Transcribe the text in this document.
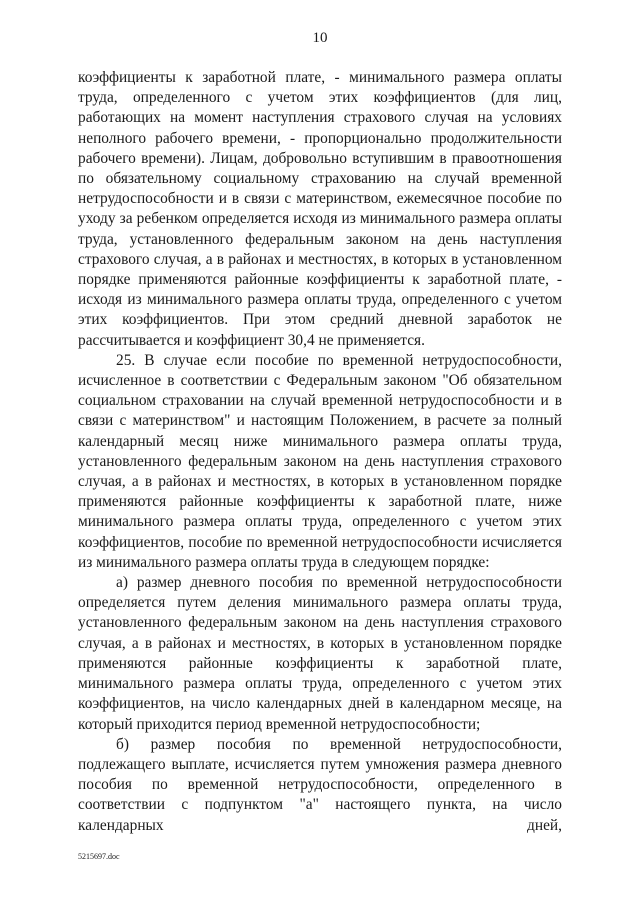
10

коэффициенты к заработной плате, - минимального размера оплаты труда, определенного с учетом этих коэффициентов (для лиц, работающих на момент наступления страхового случая на условиях неполного рабочего времени, - пропорционально продолжительности рабочего времени). Лицам, добровольно вступившим в правоотношения по обязательному социальному страхованию на случай временной нетрудоспособности и в связи с материнством, ежемесячное пособие по уходу за ребенком определяется исходя из минимального размера оплаты труда, установленного федеральным законом на день наступления страхового случая, а в районах и местностях, в которых в установленном порядке применяются районные коэффициенты к заработной плате, - исходя из минимального размера оплаты труда, определенного с учетом этих коэффициентов. При этом средний дневной заработок не рассчитывается и коэффициент 30,4 не применяется.

25. В случае если пособие по временной нетрудоспособности, исчисленное в соответствии с Федеральным законом "Об обязательном социальном страховании на случай временной нетрудоспособности и в связи с материнством" и настоящим Положением, в расчете за полный календарный месяц ниже минимального размера оплаты труда, установленного федеральным законом на день наступления страхового случая, а в районах и местностях, в которых в установленном порядке применяются районные коэффициенты к заработной плате, ниже минимального размера оплаты труда, определенного с учетом этих коэффициентов, пособие по временной нетрудоспособности исчисляется из минимального размера оплаты труда в следующем порядке:

а) размер дневного пособия по временной нетрудоспособности определяется путем деления минимального размера оплаты труда, установленного федеральным законом на день наступления страхового случая, а в районах и местностях, в которых в установленном порядке применяются районные коэффициенты к заработной плате, минимального размера оплаты труда, определенного с учетом этих коэффициентов, на число календарных дней в календарном месяце, на который приходится период временной нетрудоспособности;

б) размер пособия по временной нетрудоспособности, подлежащего выплате, исчисляется путем умножения размера дневного пособия по временной нетрудоспособности, определенного в соответствии с подпунктом "а" настоящего пункта, на число календарных дней,

5215697.doc
